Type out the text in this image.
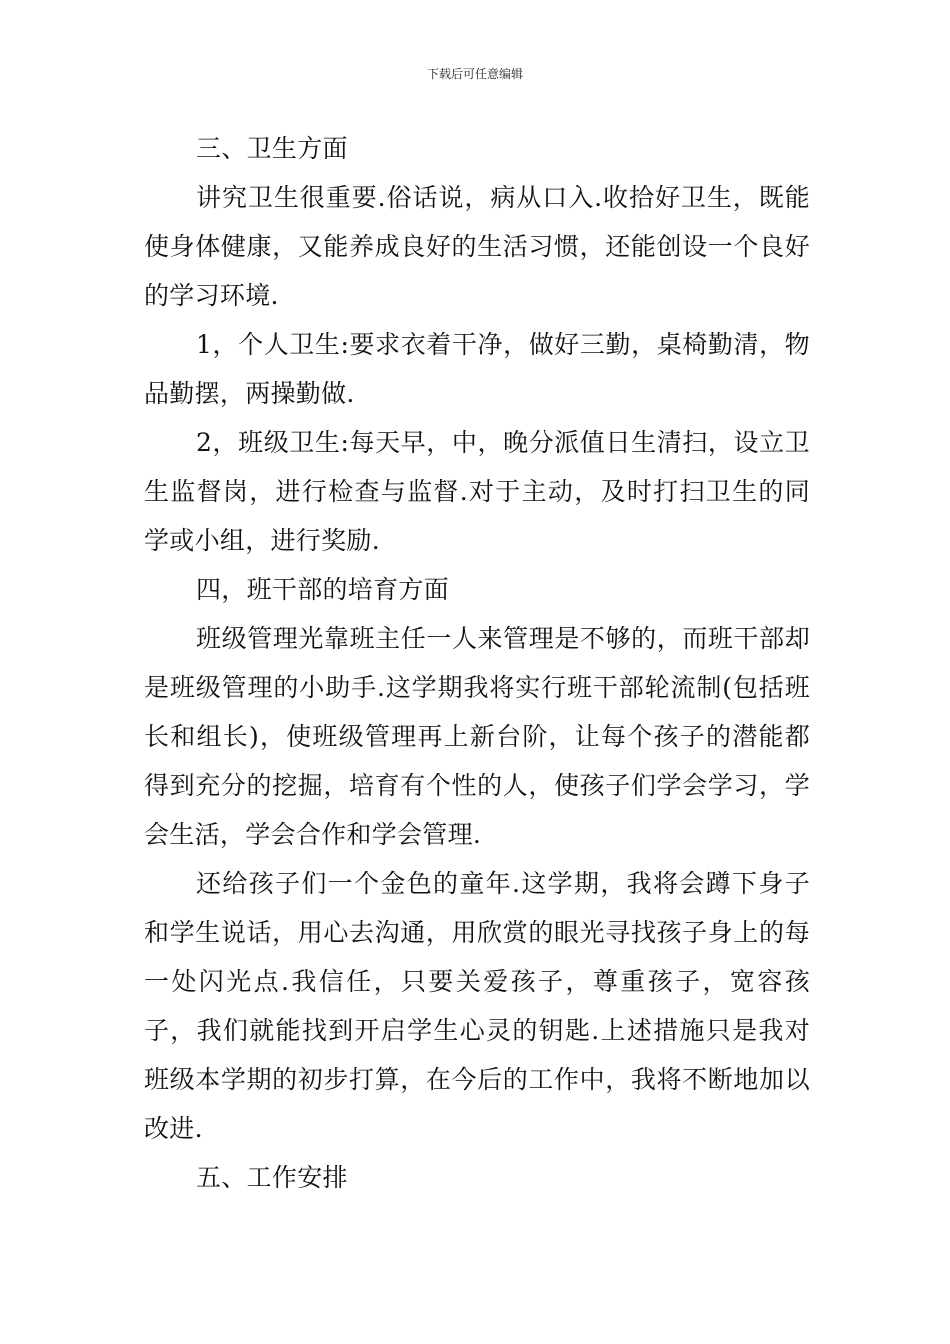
下载后可任意编辑

三、卫生方面

讲究卫生很重要.俗话说，病从口入.收拾好卫生，既能使身体健康，又能养成良好的生活习惯，还能创设一个良好的学习环境.

1，个人卫生:要求衣着干净，做好三勤，桌椅勤清，物品勤摆，两操勤做.

2，班级卫生:每天早，中，晚分派值日生清扫，设立卫生监督岗，进行检查与监督.对于主动，及时打扫卫生的同学或小组，进行奖励.

四，班干部的培育方面

班级管理光靠班主任一人来管理是不够的，而班干部却是班级管理的小助手.这学期我将实行班干部轮流制(包括班长和组长)，使班级管理再上新台阶，让每个孩子的潜能都得到充分的挖掘，培育有个性的人，使孩子们学会学习，学会生活，学会合作和学会管理.

还给孩子们一个金色的童年.这学期，我将会蹲下身子和学生说话，用心去沟通，用欣赏的眼光寻找孩子身上的每一处闪光点.我信任，只要关爱孩子，尊重孩子，宽容孩子，我们就能找到开启学生心灵的钥匙.上述措施只是我对班级本学期的初步打算，在今后的工作中，我将不断地加以改进.

五、工作安排
